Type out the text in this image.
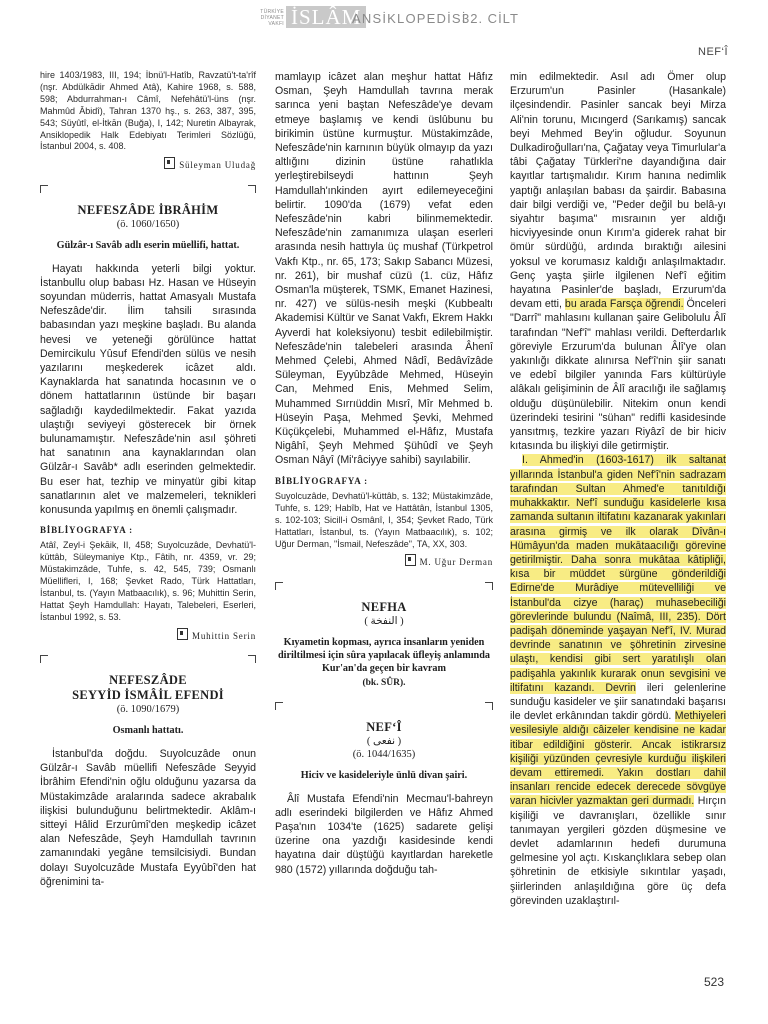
TÜRKİYE DİYANET VAKFI İSLÂM
ANSİKLOPEDİSİ
32. CİLT
NEF‘Î
hire 1403/1983, III, 194; İbnü'l-Hatîb, Ravzatü't-ta'rîf (nşr. Abdülkādir Ahmed Atâ), Kahire 1968, s. 588, 598; Abdurrahman-ı Câmî, Nefehâtü'l-üns (nşr. Mahmûd Âbidî), Tahran 1370 hş., s. 263, 387, 395, 543; Süyûtî, el-İtkān (Buğa), I, 142; Nuretin Albayrak, Ansiklopedik Halk Edebiyatı Terimleri Sözlüğü, İstanbul 2004, s. 408.
Süleyman Uludağ
NEFESZÂDE İBRÂHİM
(ö. 1060/1650)
Gülzâr-ı Savâb adlı eserin müellifi, hattat.

Hayatı hakkında yeterli bilgi yoktur. İstanbullu olup babası Hz. Hasan ve Hüseyin soyundan müderris, hattat Amasyalı Mustafa Nefeszâde'dir. İlim tahsili sırasında babasından yazı meşkine başladı. Bu alanda hevesi ve yeteneği görülünce hattat Demircikulu Yûsuf Efendi'den sülüs ve nesih yazılarını meşkederek icâzet aldı. Kaynaklarda hat sanatında hocasının ve o dönem hattatlarının üstünde bir başarı sağladığı kaydedilmektedir. Fakat yazıda ulaştığı seviyeyi gösterecek bir örnek bulunamamıştır. Nefeszâde'nin asıl şöhreti hat sanatının ana kaynaklarından olan Gülzâr-ı Savâb* adlı eserinden gelmektedir. Bu eser hat, tezhip ve minyatür gibi kitap sanatlarının alet ve malzemeleri, teknikleri konusunda yapılmış en önemli çalışmadır.

BİBLİYOGRAFYA :
Atâî, Zeyl-i Şekāik, II, 458; Suyolcuzâde, Devhatü'l-küttâb, Süleymaniye Ktp., Fâtih, nr. 4359, vr. 29; Müstakimzâde, Tuhfe, s. 42, 545, 739; Osmanlı Müellifleri, I, 168; Şevket Rado, Türk Hattatları, İstanbul, ts. (Yayın Matbaacılık), s. 96; Muhittin Serin, Hattat Şeyh Hamdullah: Hayatı, Talebeleri, Eserleri, İstanbul 1992, s. 53.
Muhittin Serin
NEFESZÂDE
SEYYİD İSMÂİL EFENDİ
(ö. 1090/1679)
Osmanlı hattatı.

İstanbul'da doğdu. Suyolcuzâde onun Gülzâr-ı Savâb müellifi Nefeszâde Seyyid İbrâhim Efendi'nin oğlu olduğunu yazarsa da Müstakimzâde aralarında sadece akrabalık ilişkisi bulunduğunu belirtmektedir. Aklâm-ı sitteyi Hâlid Erzurûmî'den meşkedip icâzet alan Nefeszâde, Şeyh Hamdullah tavrının zamanındaki yegâne temsilcisiydi. Bundan dolayı Suyolcuzâde Mustafa Eyyûbî'den hat öğrenimini ta-

mamlayıp icâzet alan meşhur hattat Hâfız Osman, Şeyh Hamdullah tavrına merak sarınca yeni baştan Nefeszâde'ye devam etmeye başlamış ve kendi üslûbunu bu birikimin üstüne kurmuştur. Müstakimzâde, Nefeszâde'nin karnının büyük olmayıp da yazı altlığını dizinin üstüne rahatlıkla yerleştirebilseydi hattının Şeyh Hamdullah'ınkinden ayırt edilemeyeceğini belirtir. 1090'da (1679) vefat eden Nefeszâde'nin kabri bilinmemektedir. Nefeszâde'nin zamanımıza ulaşan eserleri arasında nesih hattıyla üç mushaf (Türkpetrol Vakfı Ktp., nr. 65, 173; Sakıp Sabancı Müzesi, nr. 261), bir mushaf cüzü (1. cüz, Hâfız Osman'la müşterek, TSMK, Emanet Hazinesi, nr. 427) ve sülüs-nesih meşki (Kubbealtı Akademisi Kültür ve Sanat Vakfı, Ekrem Hakkı Ayverdi hat koleksiyonu) tesbit edilebilmiştir. Nefeszâde'nin talebeleri arasında Âhenî Mehmed Çelebi, Ahmed Nâdî, Bedâvîzâde Süleyman, Eyyûbzâde Mehmed, Hüseyin Can, Mehmed Enis, Mehmed Selim, Muhammed Sırrıüddin Mısrî, Mîr Mehmed b. Hüseyin Paşa, Mehmed Şevki, Mehmed Küçükçelebi, Muhammed el-Hâfız, Mustafa Nigâhî, Şeyh Mehmed Şühûdî ve Şeyh Osman Nâyî (Mi'râciyye sahibi) sayılabilir.

BİBLİYOGRAFYA :
Suyolcuzâde, Devhatü'l-küttâb, s. 132; Müstakimzâde, Tuhfe, s. 129; Habîb, Hat ve Hattâtân, İstanbul 1305, s. 102-103; Sicill-i Osmânî, I, 354; Şevket Rado, Türk Hattatları, İstanbul, ts. (Yayın Matbaacılık), s. 102; Uğur Derman, "İsmail, Nefeszâde", TA, XX, 303.
M. Uğur Derman
NEFHA
( النفخة )
Kıyametin kopması, ayrıca insanların yeniden diriltilmesi için sûra yapılacak üfleyiş anlamında Kur'an'da geçen bir kavram
(bk. SÛR).
NEF‘Î
( نفعى )
(ö. 1044/1635)
Hiciv ve kasideleriyle ünlü divan şairi.

Âlî Mustafa Efendi'nin Mecmau'l-bahreyn adlı eserindeki bilgilerden ve Hâfız Ahmed Paşa'nın 1034'te (1625) sadarete gelişi üzerine ona yazdığı kasidesinde kendi hayatına dair düştüğü kayıtlardan hareketle 980 (1572) yıllarında doğduğu tah-

min edilmektedir. Asıl adı Ömer olup Erzurum'un Pasinler (Hasankale) ilçesindendir. Pasinler sancak beyi Mirza Ali'nin torunu, Mıcıngerd (Sarıkamış) sancak beyi Mehmed Bey'in oğludur. Soyunun Dulkadiroğulları'na, Çağatay veya Timurlular'a tâbi Çağatay Türkleri'ne dayandığına dair kayıtlar tartışmalıdır. Kırım hanına nedimlik yaptığı anlaşılan babası da şairdir. Babasına dair bilgi verdiği ve, "Peder değil bu belâ-yı siyahtır başıma" mısraının yer aldığı hicviyyesinde onun Kırım'a giderek rahat bir ömür sürdüğü, ardında bıraktığı ailesini yoksul ve korumasız kaldığı anlaşılmaktadır. Genç yaşta şiirle ilgilenen Nef'î eğitim hayatına Pasinler'de başladı, Erzurum'da devam etti, bu arada Farsça öğrendi. Önceleri "Darrî" mahlasını kullanan şaire Gelibolulu Âlî tarafından "Nef'î" mahlası verildi. Defterdarlık göreviyle Erzurum'da bulunan Âlî'ye olan yakınlığı dikkate alınırsa Nef'î'nin şiir sanatı ve edebî bilgiler yanında Fars kültürüyle alâkalı gelişiminin de Âlî aracılığı ile sağlamış olduğu düşünülebilir. Nitekim onun kendi üzerindeki tesirini "sühan" redifli kasidesinde yansıtmış, tezkire yazarı Riyâzî de bir hiciv kıtasında bu ilişkiyi dile getirmiştir.

I. Ahmed'in (1603-1617) ilk saltanat yıllarında İstanbul'a giden Nef'î'nin sadrazam tarafından Sultan Ahmed'e tanıtıldığı muhakkaktır. Nef'î sunduğu kasidelerle kısa zamanda sultanın iltifatını kazanarak yakınları arasına girmiş ve ilk olarak Dîvân-ı Hümâyun'da maden mukātaacılığı görevine getirilmiştir. Daha sonra mukâtaa kâtipliği, kısa bir müddet sürgüne gönderildiği Edirne'de Murâdiye mütevelliliği ve İstanbul'da cizye (haraç) muhasebeciliği görevlerinde bulundu (Naîmâ, III, 235). Dört padişah döneminde yaşayan Nef'î, IV. Murad devrinde sanatının ve şöhretinin zirvesine ulaştı, kendisi gibi sert yaratılışlı olan padişahla yakınlık kurarak onun sevgisini ve iltifatını kazandı. Devrin ileri gelenlerine sunduğu kasideler ve şiir sanatındaki başarısı ile devlet erkânından takdir gördü. Methiyeleri vesilesiyle aldığı câizeler kendisine ne kadar itibar edildiğini gösterir. Ancak istikrarsız kişiliği yüzünden çevresiyle kurduğu ilişkileri devam ettiremedi. Yakın dostları dahil insanları rencide edecek derecede sövgüye varan hicivler yazmaktan geri durmadı. Hırçın kişiliği ve davranışları, özellikle sınır tanımayan yergileri gözden düşmesine ve devlet adamlarının hedefi durumuna gelmesine yol açtı. Kıskançlıklara sebep olan şöhretinin de etkisiyle sıkıntılar yaşadı, şiirlerinden anlaşıldığına göre üç defa görevinden uzaklaştırıl-

523
